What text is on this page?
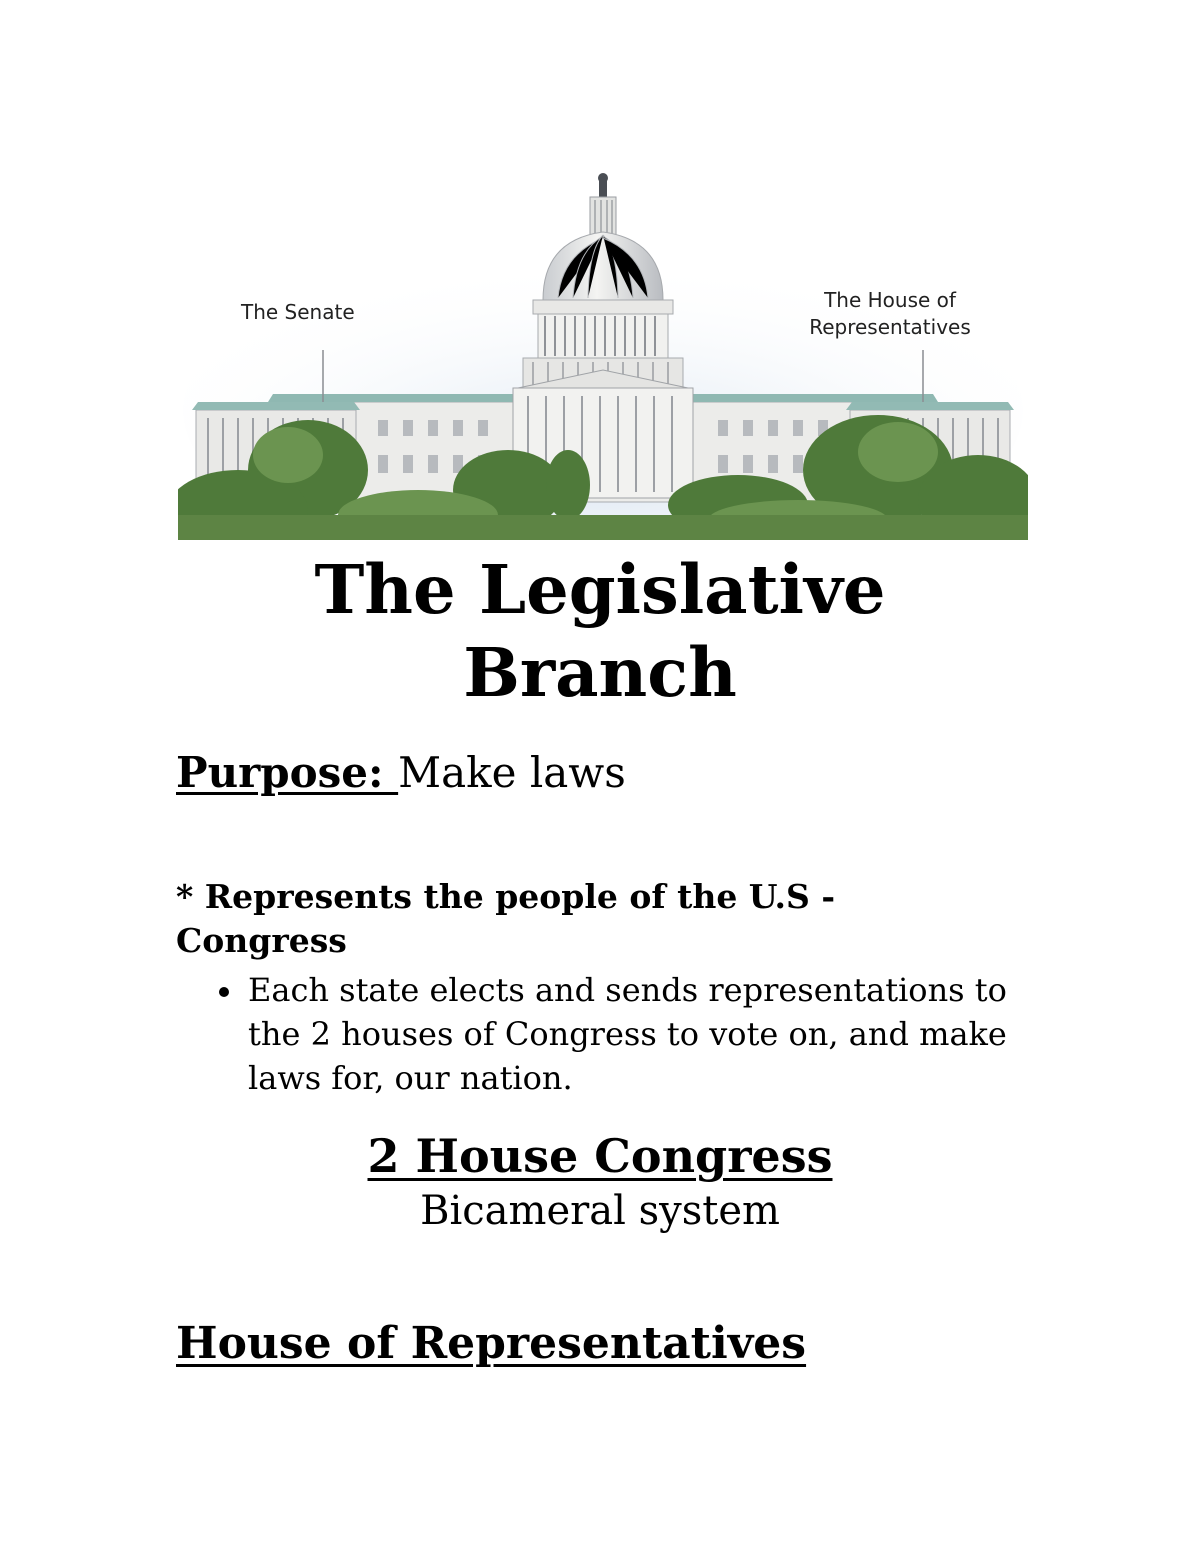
The Senate	The House of
Representatives
The Legislative
Branch
Purpose: Make laws
* Represents the people of the U.S - Congress
Each state elects and sends representations to the 2 houses of Congress to vote on, and make laws for, our nation.
2 House Congress
Bicameral system
House of Representatives
